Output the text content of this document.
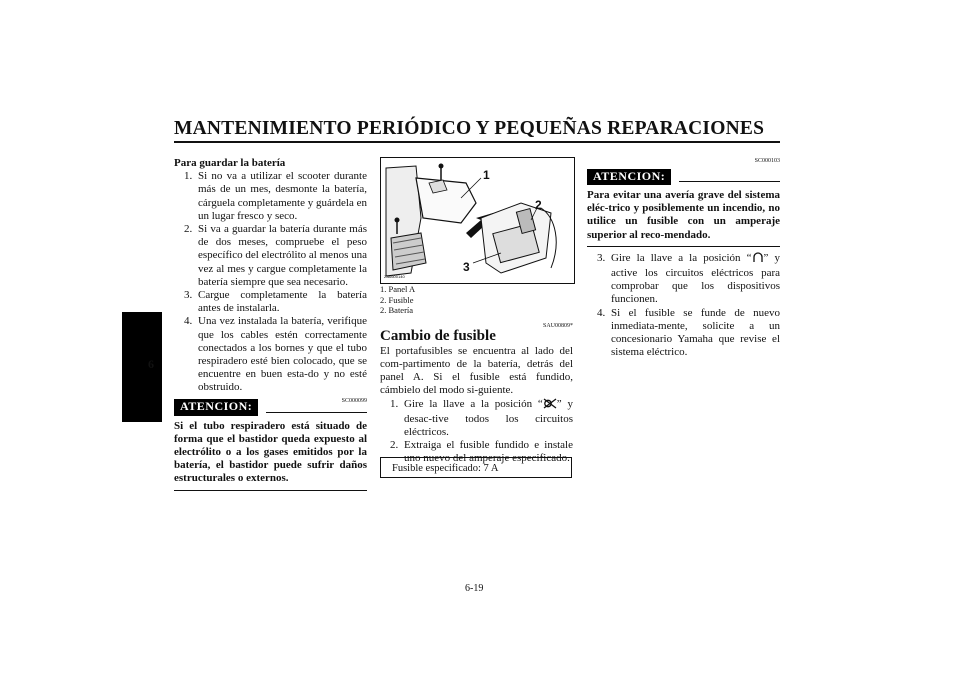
MANTENIMIENTO PERIÓDICO Y PEQUEÑAS REPARACIONES
6

Para guardar la batería

1. Si no va a utilizar el scooter durante más de un mes, desmonte la batería, cárguela completamente y guárdela en un lugar fresco y seco.
2. Si va a guardar la batería durante más de dos meses, compruebe el peso específico del electrólito al menos una vez al mes y cargue completamente la batería siempre que sea necesario.
3. Cargue completamente la batería antes de instalarla.
4. Una vez instalada la batería, verifique que los cables estén correctamente conectados a los bornes y que el tubo respiradero esté bien colocado, que se encuentre en buen esta-do y no esté obstruido.
SC000099
ATENCION:

Si el tubo respiradero está situado de forma que el bastidor queda expuesto al electrólito o a los gases emitidos por la batería, el bastidor puede sufrir daños estructurales o externos.

ZA6600140
1
2
3
1. Panel A
2. Fusible
2. Batería
SAU00809*

Cambio de fusible

El portafusibles se encuentra al lado del com-partimento de la batería, detrás del panel A. Si el fusible está fundido, cámbielo del modo si-guiente.

1. Gire la llave a la posición “ ” y desac-tive todos los circuitos eléctricos.
2. Extraiga el fusible fundido e instale uno nuevo del amperaje especificado.
Fusible especificado: 7 A
SC000103
ATENCION:

Para evitar una avería grave del sistema eléc-trico y posiblemente un incendio, no utilice un fusible con un amperaje superior al reco-mendado.

3. Gire la llave a la posición “ ” y active los circuitos eléctricos para comprobar que los dispositivos funcionen.
4. Si el fusible se funde de nuevo inmediata-mente, solicite a un concesionario Yamaha que revise el sistema eléctrico.
6-19
